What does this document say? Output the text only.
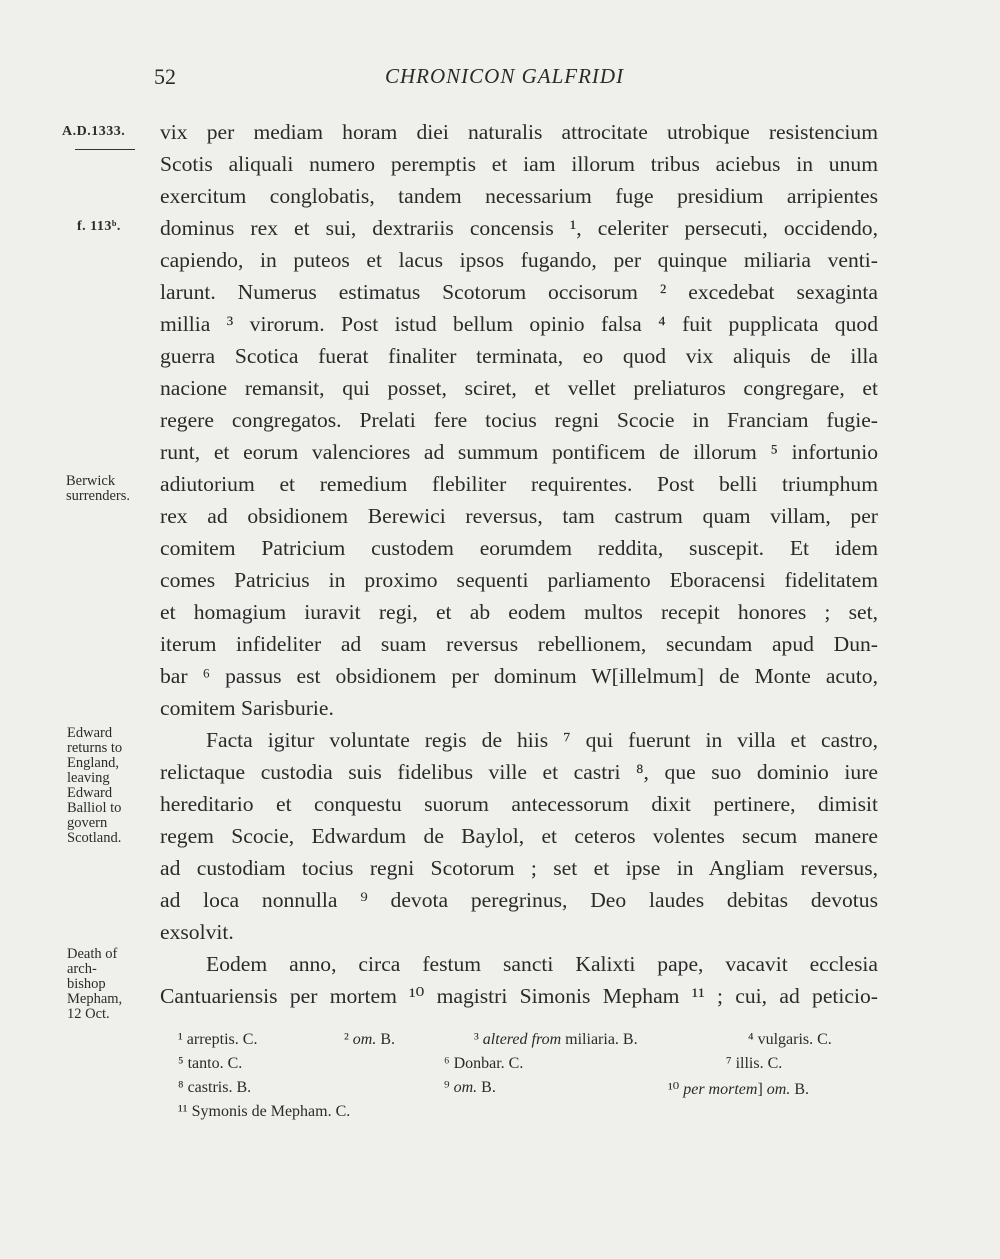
52	CHRONICON GALFRIDI
A.D.1333.
f. 113ᵇ.
Berwick
surrenders.
Edward
returns to
England,
leaving
Edward
Balliol to
govern
Scotland.
Death of
arch-
bishop
Mepham,
12 Oct.
vix per mediam horam diei naturalis attrocitate utrobique resistencium
Scotis aliquali numero peremptis et iam illorum tribus aciebus in unum
exercitum conglobatis, tandem necessarium fuge presidium arripientes
dominus rex et sui, dextrariis concensis ¹, celeriter persecuti, occidendo,
capiendo, in puteos et lacus ipsos fugando, per quinque miliaria venti-
larunt. Numerus estimatus Scotorum occisorum ² excedebat sexaginta
millia ³ virorum. Post istud bellum opinio falsa ⁴ fuit pupplicata quod
guerra Scotica fuerat finaliter terminata, eo quod vix aliquis de illa
nacione remansit, qui posset, sciret, et vellet preliaturos congregare, et
regere congregatos. Prelati fere tocius regni Scocie in Franciam fugie-
runt, et eorum valenciores ad summum pontificem de illorum ⁵ infortunio
adiutorium et remedium flebiliter requirentes. Post belli triumphum
rex ad obsidionem Berewici reversus, tam castrum quam villam, per
comitem Patricium custodem eorumdem reddita, suscepit. Et idem
comes Patricius in proximo sequenti parliamento Eboracensi fidelitatem
et homagium iuravit regi, et ab eodem multos recepit honores ; set,
iterum infideliter ad suam reversus rebellionem, secundam apud Dun-
bar ⁶ passus est obsidionem per dominum W[illelmum] de Monte acuto,
comitem Sarisburie.
Facta igitur voluntate regis de hiis ⁷ qui fuerunt in villa et castro,
relictaque custodia suis fidelibus ville et castri ⁸, que suo dominio iure
hereditario et conquestu suorum antecessorum dixit pertinere, dimisit
regem Scocie, Edwardum de Baylol, et ceteros volentes secum manere
ad custodiam tocius regni Scotorum ; set et ipse in Angliam reversus,
ad loca nonnulla ⁹ devota peregrinus, Deo laudes debitas devotus
exsolvit.
Eodem anno, circa festum sancti Kalixti pape, vacavit ecclesia
Cantuariensis per mortem ¹⁰ magistri Simonis Mepham ¹¹ ; cui, ad peticio-
¹ arreptis. C.	² om. B.	³ altered from miliaria. B.	⁴ vulgaris. C.
⁵ tanto. C.	⁶ Donbar. C.	⁷ illis. C.
⁸ castris. B.	⁹ om. B.	¹⁰ per mortem] om. B.
¹¹ Symonis de Mepham. C.
